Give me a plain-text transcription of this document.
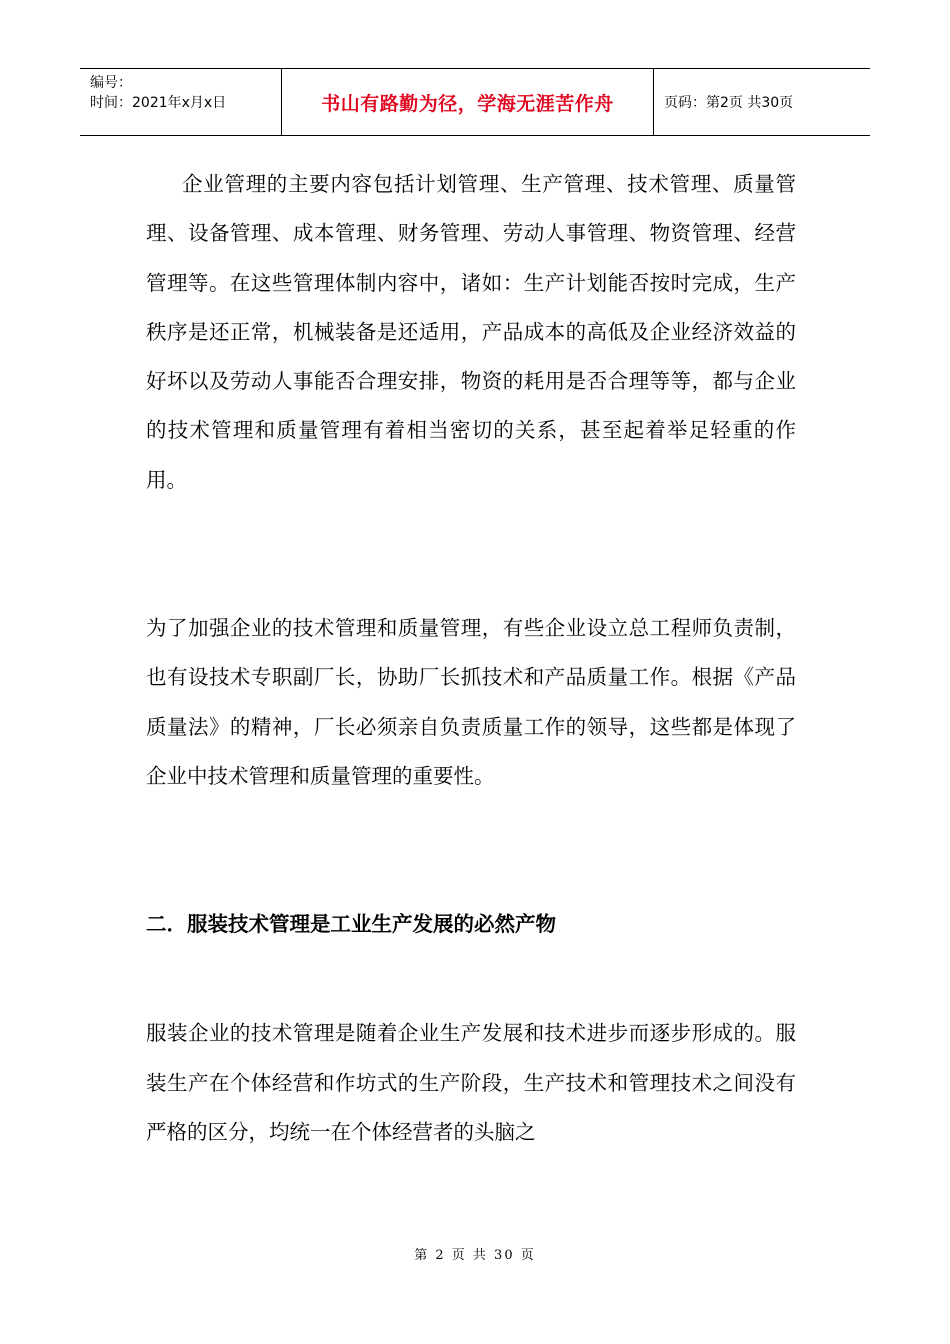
编号：
时间：2021年x月x日	书山有路勤为径，学海无涯苦作舟	页码：第2页 共30页

企业管理的主要内容包括计划管理、生产管理、技术管理、质量管理、设备管理、成本管理、财务管理、劳动人事管理、物资管理、经营管理等。在这些管理体制内容中，诸如：生产计划能否按时完成，生产秩序是还正常，机械装备是还适用，产品成本的高低及企业经济效益的好坏以及劳动人事能否合理安排，物资的耗用是否合理等等，都与企业的技术管理和质量管理有着相当密切的关系，甚至起着举足轻重的作用。

为了加强企业的技术管理和质量管理，有些企业设立总工程师负责制，也有设技术专职副厂长，协助厂长抓技术和产品质量工作。根据《产品质量法》的精神，厂长必须亲自负责质量工作的领导，这些都是体现了企业中技术管理和质量管理的重要性。

二．服装技术管理是工业生产发展的必然产物

服装企业的技术管理是随着企业生产发展和技术进步而逐步形成的。服装生产在个体经营和作坊式的生产阶段，生产技术和管理技术之间没有严格的区分，均统一在个体经营者的头脑之

第 2 页 共 30 页
